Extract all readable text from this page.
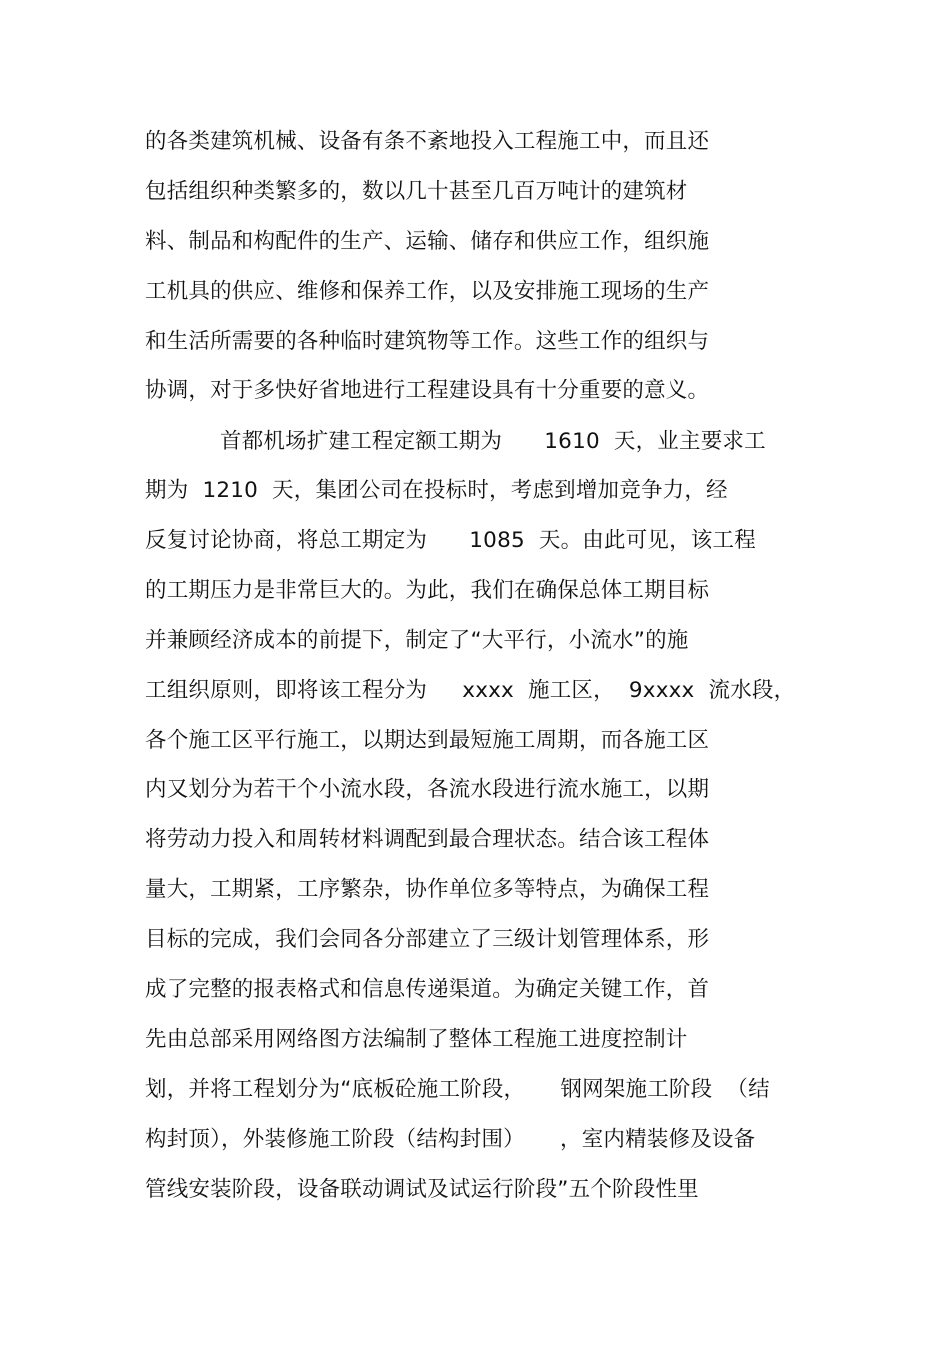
的各类建筑机械、设备有条不紊地投入工程施工中，而且还
包括组织种类繁多的，数以几十甚至几百万吨计的建筑材
料、制品和构配件的生产、运输、储存和供应工作，组织施
工机具的供应、维修和保养工作，以及安排施工现场的生产
和生活所需要的各种临时建筑物等工作。这些工作的组织与
协调，对于多快好省地进行工程建设具有十分重要的意义。
首都机场扩建工程定额工期为      1610  天，业主要求工
期为  1210  天，集团公司在投标时，考虑到增加竞争力，经
反复讨论协商，将总工期定为      1085  天。由此可见，该工程
的工期压力是非常巨大的。为此，我们在确保总体工期目标
并兼顾经济成本的前提下，制定了“大平行，小流水”的施
工组织原则，即将该工程分为     xxxx  施工区，  9xxxx  流水段，
各个施工区平行施工，以期达到最短施工周期，而各施工区
内又划分为若干个小流水段，各流水段进行流水施工，以期
将劳动力投入和周转材料调配到最合理状态。结合该工程体
量大，工期紧，工序繁杂，协作单位多等特点，为确保工程
目标的完成，我们会同各分部建立了三级计划管理体系，形
成了完整的报表格式和信息传递渠道。为确定关键工作，首
先由总部采用网络图方法编制了整体工程施工进度控制计
划，并将工程划分为“底板砼施工阶段，     钢网架施工阶段  （结
构封顶），外装修施工阶段（结构封围）     ，室内精装修及设备
管线安装阶段，设备联动调试及试运行阶段”五个阶段性里
